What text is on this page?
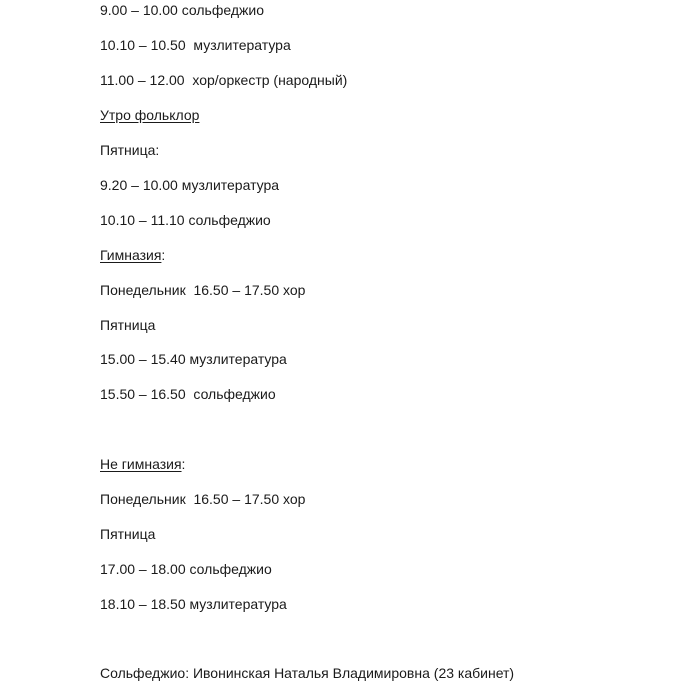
9.00 – 10.00 сольфеджио
10.10 – 10.50  музлитература
11.00 – 12.00  хор/оркестр (народный)
Утро фольклор
Пятница:
9.20 – 10.00 музлитература
10.10 – 11.10 сольфеджио
Гимназия:
Понедельник  16.50 – 17.50 хор
Пятница
15.00 – 15.40 музлитература
15.50 – 16.50  сольфеджио
Не гимназия:
Понедельник  16.50 – 17.50 хор
Пятница
17.00 – 18.00 сольфеджио
18.10 – 18.50 музлитература
Сольфеджио: Ивонинская Наталья Владимировна (23 кабинет)
